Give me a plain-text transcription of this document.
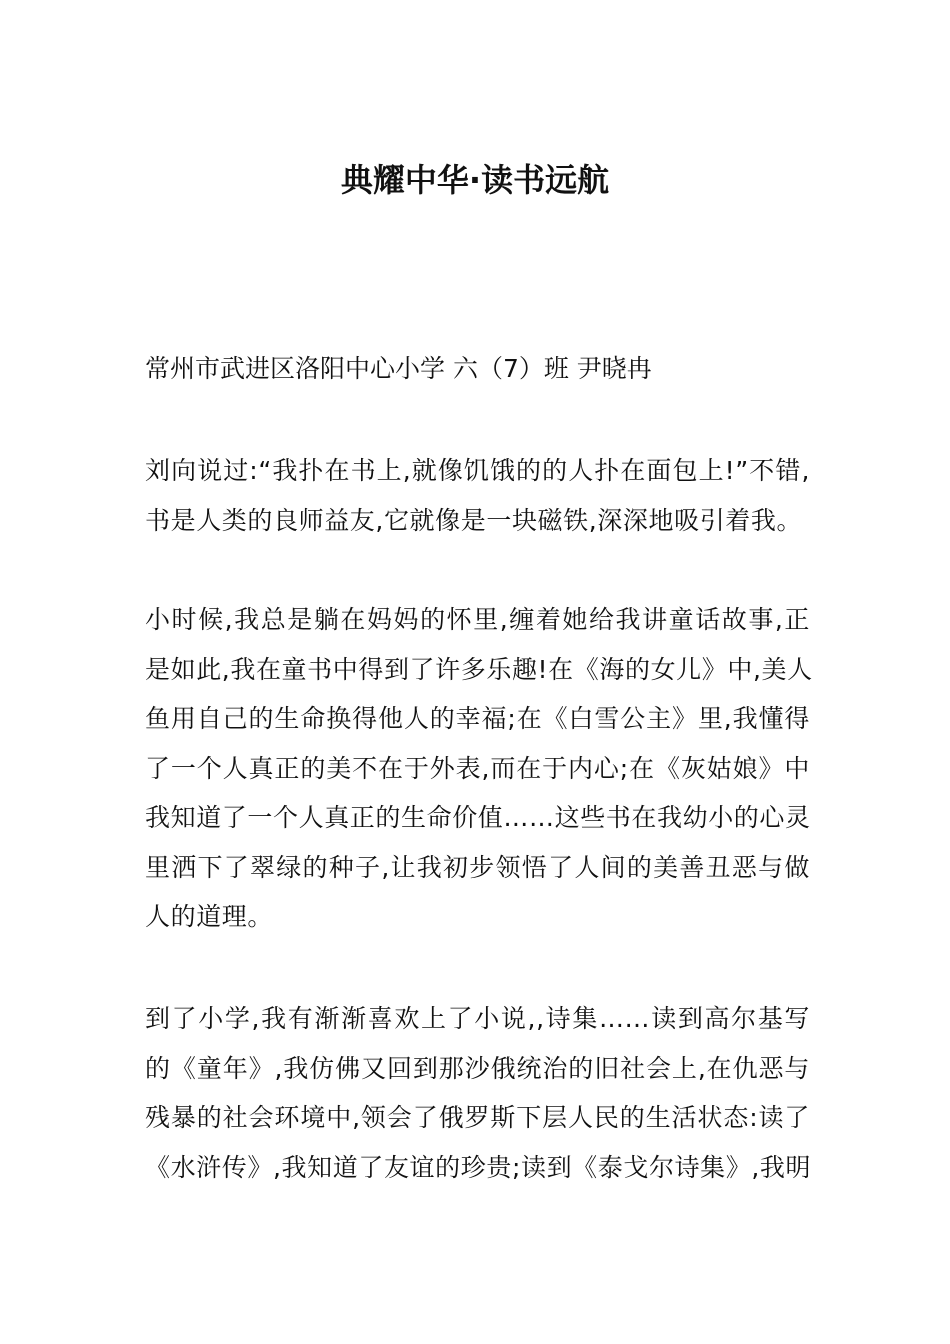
典耀中华·读书远航

常州市武进区洛阳中心小学 六（7）班 尹晓冉

刘向说过:“我扑在书上,就像饥饿的的人扑在面包上!”不错,
书是人类的良师益友,它就像是一块磁铁,深深地吸引着我。
小时候,我总是躺在妈妈的怀里,缠着她给我讲童话故事,正
是如此,我在童书中得到了许多乐趣!在《海的女儿》中,美人
鱼用自己的生命换得他人的幸福;在《白雪公主》里,我懂得
了一个人真正的美不在于外表,而在于内心;在《灰姑娘》中
我知道了一个人真正的生命价值……这些书在我幼小的心灵
里洒下了翠绿的种子,让我初步领悟了人间的美善丑恶与做
人的道理。
到了小学,我有渐渐喜欢上了小说,,诗集……读到高尔基写
的《童年》,我仿佛又回到那沙俄统治的旧社会上,在仇恶与
残暴的社会环境中,领会了俄罗斯下层人民的生活状态:读了
《水浒传》,我知道了友谊的珍贵;读到《泰戈尔诗集》,我明
